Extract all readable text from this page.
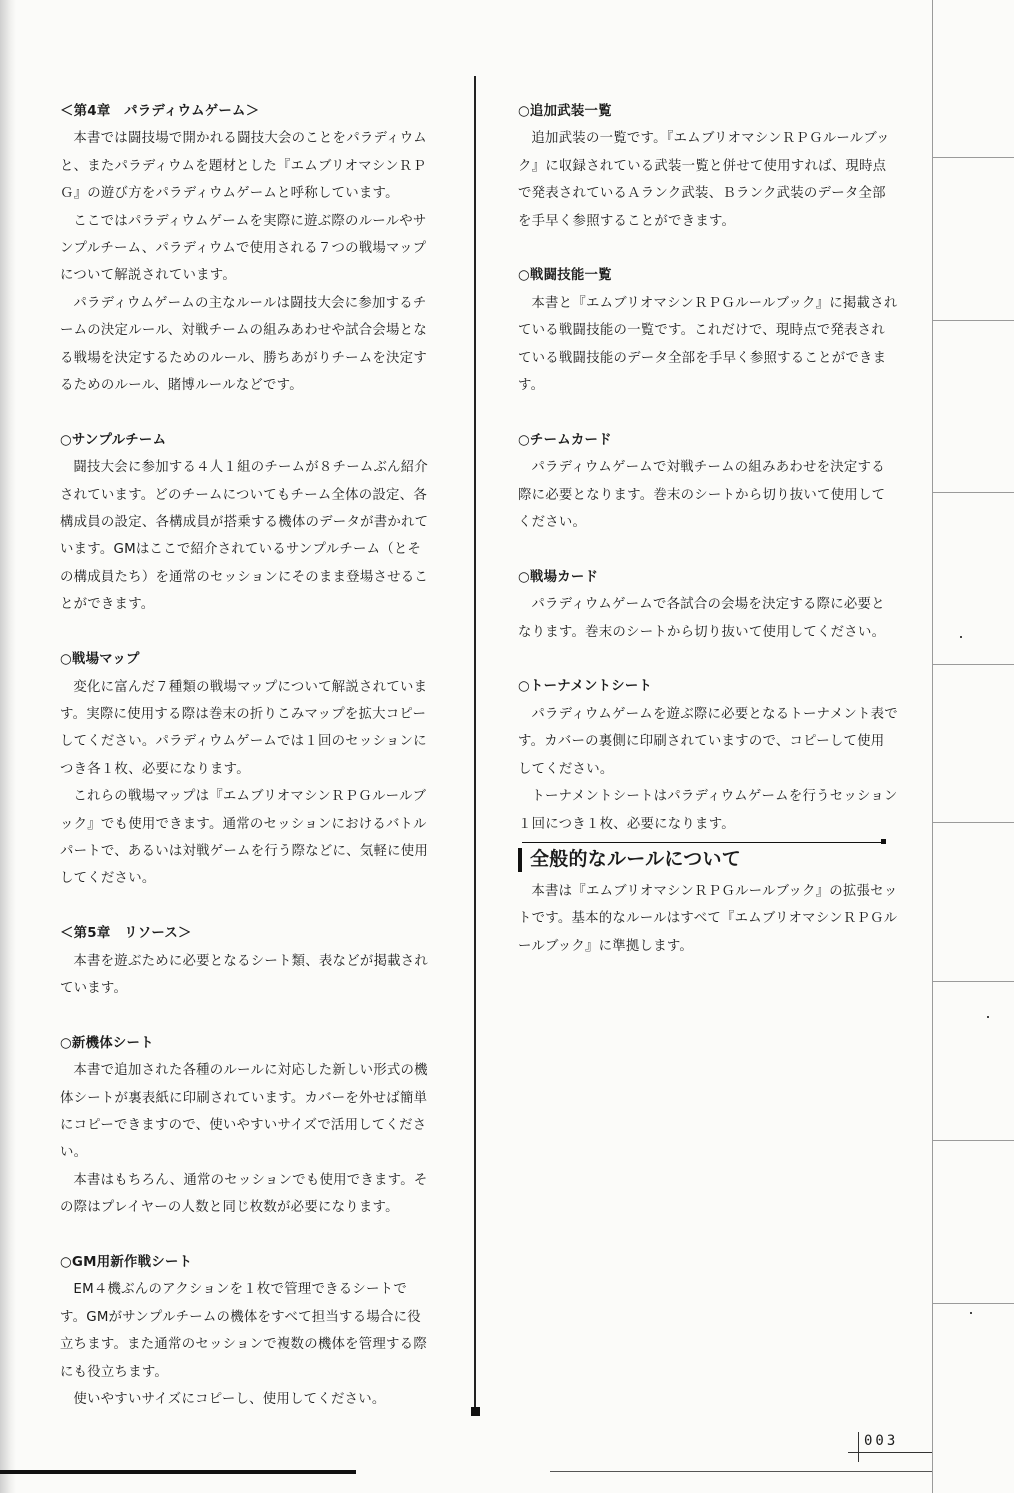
＜第4章　パラディウムゲーム＞

本書では闘技場で開かれる闘技大会のことをパラディウムと、またパラディウムを題材とした『エムブリオマシンＲＰＧ』の遊び方をパラディウムゲームと呼称しています。

ここではパラディウムゲームを実際に遊ぶ際のルールやサンプルチーム、パラディウムで使用される７つの戦場マップについて解説されています。

パラディウムゲームの主なルールは闘技大会に参加するチームの決定ルール、対戦チームの組みあわせや試合会場となる戦場を決定するためのルール、勝ちあがりチームを決定するためのルール、賭博ルールなどです。

○サンプルチーム

闘技大会に参加する４人１組のチームが８チームぶん紹介されています。どのチームについてもチーム全体の設定、各構成員の設定、各構成員が搭乗する機体のデータが書かれています。GMはここで紹介されているサンプルチーム（とその構成員たち）を通常のセッションにそのまま登場させることができます。

○戦場マップ

変化に富んだ７種類の戦場マップについて解説されています。実際に使用する際は巻末の折りこみマップを拡大コピーしてください。パラディウムゲームでは１回のセッションにつき各１枚、必要になります。

これらの戦場マップは『エムブリオマシンＲＰＧルールブック』でも使用できます。通常のセッションにおけるバトルパートで、あるいは対戦ゲームを行う際などに、気軽に使用してください。

＜第5章　リソース＞

本書を遊ぶために必要となるシート類、表などが掲載されています。

○新機体シート

本書で追加された各種のルールに対応した新しい形式の機体シートが裏表紙に印刷されています。カバーを外せば簡単にコピーできますので、使いやすいサイズで活用してください。

本書はもちろん、通常のセッションでも使用できます。その際はプレイヤーの人数と同じ枚数が必要になります。

○GM用新作戦シート

EM４機ぶんのアクションを１枚で管理できるシートです。GMがサンプルチームの機体をすべて担当する場合に役立ちます。また通常のセッションで複数の機体を管理する際にも役立ちます。

使いやすいサイズにコピーし、使用してください。

○追加武装一覧

追加武装の一覧です。『エムブリオマシンＲＰＧルールブック』に収録されている武装一覧と併せて使用すれば、現時点で発表されているＡランク武装、Ｂランク武装のデータ全部を手早く参照することができます。

○戦闘技能一覧

本書と『エムブリオマシンＲＰＧルールブック』に掲載されている戦闘技能の一覧です。これだけで、現時点で発表されている戦闘技能のデータ全部を手早く参照することができます。

○チームカード

パラディウムゲームで対戦チームの組みあわせを決定する際に必要となります。巻末のシートから切り抜いて使用してください。

○戦場カード

パラディウムゲームで各試合の会場を決定する際に必要となります。巻末のシートから切り抜いて使用してください。

○トーナメントシート

パラディウムゲームを遊ぶ際に必要となるトーナメント表です。カバーの裏側に印刷されていますので、コピーして使用してください。

トーナメントシートはパラディウムゲームを行うセッション１回につき１枚、必要になります。

全般的なルールについて

本書は『エムブリオマシンＲＰＧルールブック』の拡張セットです。基本的なルールはすべて『エムブリオマシンＲＰＧルールブック』に準拠します。

003
